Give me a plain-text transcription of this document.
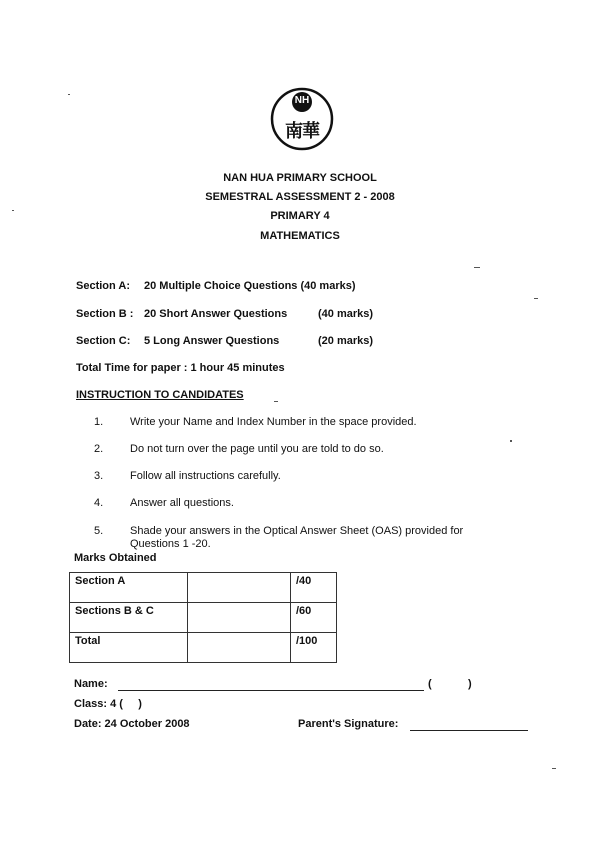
NH
南華
NAN HUA PRIMARY SCHOOL
SEMESTRAL ASSESSMENT 2 - 2008
PRIMARY 4
MATHEMATICS
Section A: 20 Multiple Choice Questions (40 marks)
Section B : 20 Short Answer Questions	(40 marks)
Section C: 5 Long Answer Questions	(20 marks)
Total Time for paper : 1 hour 45 minutes
INSTRUCTION TO CANDIDATES
1. Write your Name and Index Number in the space provided.
2. Do not turn over the page until you are told to do so.
3. Follow all instructions carefully.
4. Answer all questions.
5. Shade your answers in the Optical Answer Sheet (OAS) provided for Questions 1 -20.
Marks Obtained
Section A		/40
Sections B & C		/60
Total		/100
Name:	(	)
Class: 4 (     )
Date: 24 October 2008	Parent's Signature:
